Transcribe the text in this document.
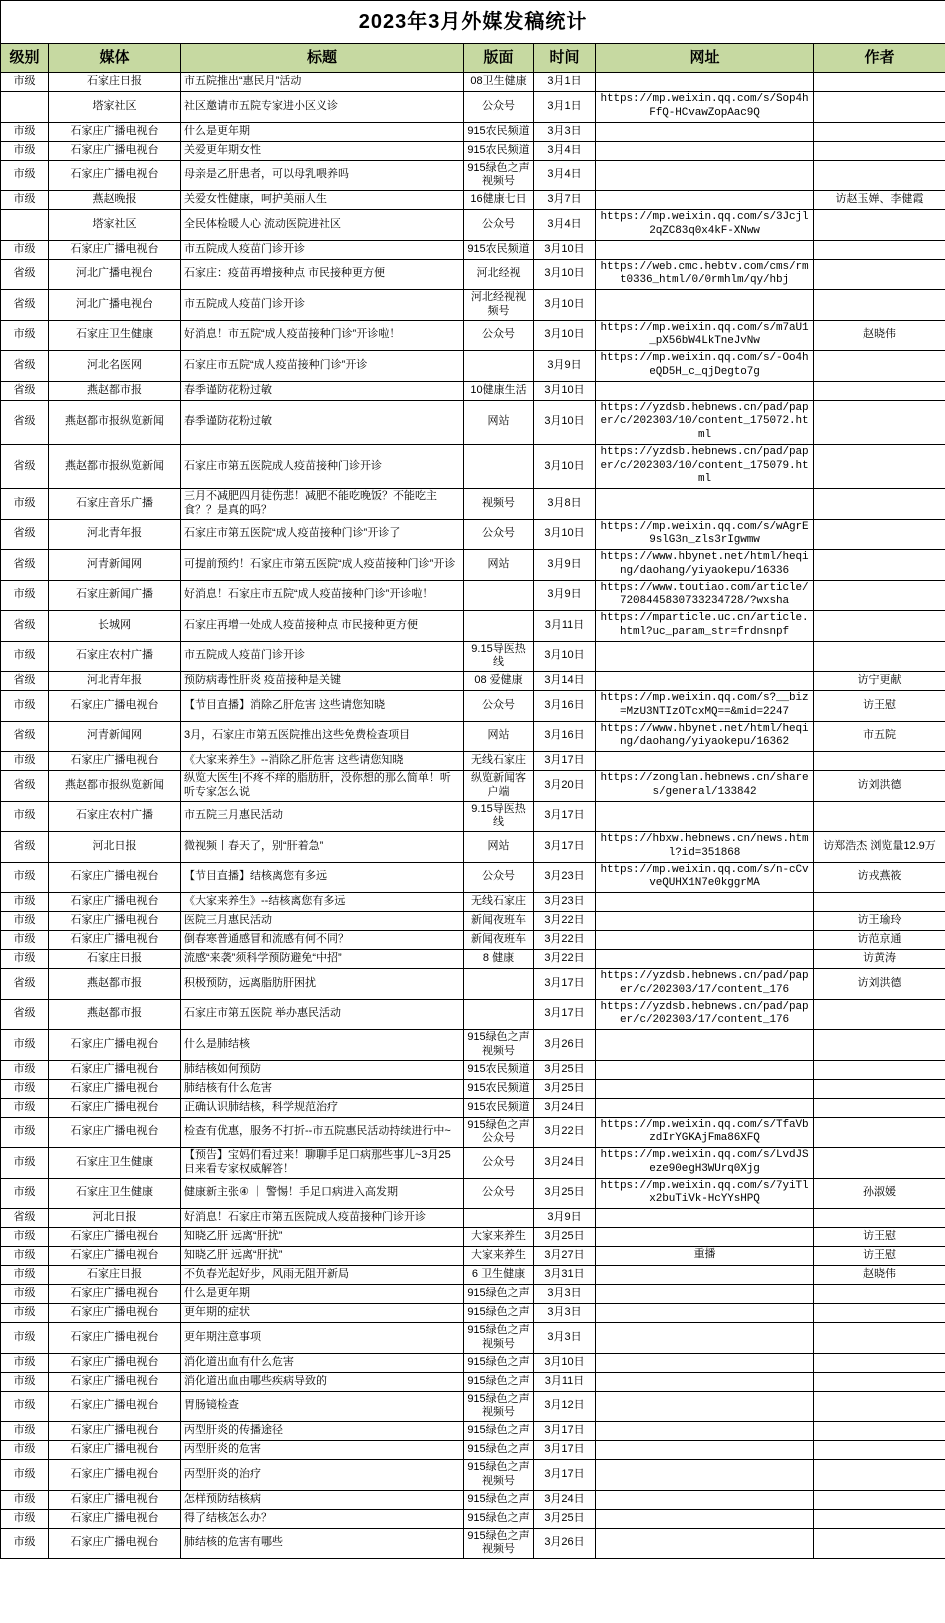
2023年3月外媒发稿统计						
级别	媒体	标题	版面	时间	网址	作者
市级	石家庄日报	市五院推出“惠民月”活动	08卫生健康	3月1日		
	塔家社区	社区邀请市五院专家进小区义诊	公众号	3月1日	https://mp.weixin.qq.com/s/Sop4hFfQ-HCvawZopAac9Q	
市级	石家庄广播电视台	什么是更年期	915农民频道	3月3日		
市级	石家庄广播电视台	关爱更年期女性	915农民频道	3月4日		
市级	石家庄广播电视台	母亲是乙肝患者，可以母乳喂养吗	915绿色之声视频号	3月4日		
市级	燕赵晚报	关爱女性健康，呵护美丽人生	16健康七日	3月7日		访赵玉婵、李健霞
	塔家社区	全民体检暖人心 流动医院进社区	公众号	3月4日	https://mp.weixin.qq.com/s/3Jcjl2qZC83q0x4kF-XNww	
市级	石家庄广播电视台	市五院成人疫苗门诊开诊	915农民频道	3月10日		
省级	河北广播电视台	石家庄：疫苗再增接种点 市民接种更方便	河北经视	3月10日	https://web.cmc.hebtv.com/cms/rmt0336_html/0/0rmhlm/qy/hbj	
省级	河北广播电视台	市五院成人疫苗门诊开诊	河北经视视频号	3月10日		
市级	石家庄卫生健康	好消息！市五院“成人疫苗接种门诊”开诊啦！	公众号	3月10日	https://mp.weixin.qq.com/s/m7aU1_pX56bW4LkTneJvNw	赵晓伟
省级	河北名医网	石家庄市五院“成人疫苗接种门诊”开诊		3月9日	https://mp.weixin.qq.com/s/-Oo4heQD5H_c_qjDegto7g	
省级	燕赵都市报	春季谨防花粉过敏	10健康生活	3月10日		
省级	燕赵都市报纵览新闻	春季谨防花粉过敏	网站	3月10日	https://yzdsb.hebnews.cn/pad/paper/c/202303/10/content_175072.html	
省级	燕赵都市报纵览新闻	石家庄市第五医院成人疫苗接种门诊开诊		3月10日	https://yzdsb.hebnews.cn/pad/paper/c/202303/10/content_175079.html	
市级	石家庄音乐广播	三月不减肥四月徒伤悲！减肥不能吃晚饭？不能吃主食？？是真的吗？	视频号	3月8日		
省级	河北青年报	石家庄市第五医院“成人疫苗接种门诊”开诊了	公众号	3月10日	https://mp.weixin.qq.com/s/wAgrE9slG3n_zls3rIgwmw	
省级	河青新闻网	可提前预约！石家庄市第五医院“成人疫苗接种门诊”开诊	网站	3月9日	https://www.hbynet.net/html/heqing/daohang/yiyaokepu/16336	
市级	石家庄新闻广播	好消息！石家庄市五院“成人疫苗接种门诊”开诊啦！		3月9日	https://www.toutiao.com/article/7208445830733234728/?wxsha	
省级	长城网	石家庄再增一处成人疫苗接种点 市民接种更方便		3月11日	https://mparticle.uc.cn/article.html?uc_param_str=frdnsnpf	
市级	石家庄农村广播	市五院成人疫苗门诊开诊	9.15导医热线	3月10日		
省级	河北青年报	预防病毒性肝炎 疫苗接种是关键	08 爱健康	3月14日		访宁更献
市级	石家庄广播电视台	【节目直播】消除乙肝危害 这些请您知晓	公众号	3月16日	https://mp.weixin.qq.com/s?__biz=MzU3NTIzOTcxMQ==&mid=2247	访王慰
省级	河青新闻网	3月，石家庄市第五医院推出这些免费检查项目	网站	3月16日	https://www.hbynet.net/html/heqing/daohang/yiyaokepu/16362	市五院
市级	石家庄广播电视台	《大家来养生》--消除乙肝危害 这些请您知晓	无线石家庄	3月17日		
省级	燕赵都市报纵览新闻	纵览大医生|不疼不痒的脂肪肝，没你想的那么简单！听听专家怎么说	纵览新闻客户端	3月20日	https://zonglan.hebnews.cn/shares/general/133842	访刘洪德
市级	石家庄农村广播	市五院三月惠民活动	9.15导医热线	3月17日		
省级	河北日报	微视频丨春天了，别“肝着急”	网站	3月17日	https://hbxw.hebnews.cn/news.html?id=351868	访郑浩杰 浏览量12.9万
市级	石家庄广播电视台	【节目直播】结核离您有多远	公众号	3月23日	https://mp.weixin.qq.com/s/n-cCvveQUHX1N7e0kggrMA	访戎燕筱
市级	石家庄广播电视台	《大家来养生》--结核离您有多远	无线石家庄	3月23日		
市级	石家庄广播电视台	医院三月惠民活动	新闻夜班车	3月22日		访王瑜玲
市级	石家庄广播电视台	倒春寒普通感冒和流感有何不同？	新闻夜班车	3月22日		访范京通
市级	石家庄日报	流感“来袭”须科学预防避免“中招”	8 健康	3月22日		访黄涛
省级	燕赵都市报	积极预防，远离脂肪肝困扰		3月17日	https://yzdsb.hebnews.cn/pad/paper/c/202303/17/content_176	访刘洪德
省级	燕赵都市报	石家庄市第五医院 举办惠民活动		3月17日	https://yzdsb.hebnews.cn/pad/paper/c/202303/17/content_176	
市级	石家庄广播电视台	什么是肺结核	915绿色之声视频号	3月26日		
市级	石家庄广播电视台	肺结核如何预防	915农民频道	3月25日		
市级	石家庄广播电视台	肺结核有什么危害	915农民频道	3月25日		
市级	石家庄广播电视台	正确认识肺结核，科学规范治疗	915农民频道	3月24日		
市级	石家庄广播电视台	检查有优惠，服务不打折--市五院惠民活动持续进行中~	915绿色之声公众号	3月22日	https://mp.weixin.qq.com/s/TfaVbzdIrYGKAjFma86XFQ	
市级	石家庄卫生健康	【预告】宝妈们看过来！聊聊手足口病那些事儿~3月25日来看专家权威解答！	公众号	3月24日	https://mp.weixin.qq.com/s/LvdJSeze90egH3WUrq0Xjg	
市级	石家庄卫生健康	健康新主张④ ｜ 警惕！手足口病进入高发期	公众号	3月25日	https://mp.weixin.qq.com/s/7yiTlx2buTiVk-HcYYsHPQ	孙淑媛
省级	河北日报	好消息！石家庄市第五医院成人疫苗接种门诊开诊		3月9日		
市级	石家庄广播电视台	知晓乙肝 远离“肝扰”	大家来养生	3月25日		访王慰
市级	石家庄广播电视台	知晓乙肝 远离“肝扰”	大家来养生	3月27日	重播	访王慰
市级	石家庄日报	不负春光起好步，风雨无阻开新局	6 卫生健康	3月31日		赵晓伟
市级	石家庄广播电视台	什么是更年期	915绿色之声	3月3日		
市级	石家庄广播电视台	更年期的症状	915绿色之声	3月3日		
市级	石家庄广播电视台	更年期注意事项	915绿色之声视频号	3月3日		
市级	石家庄广播电视台	消化道出血有什么危害	915绿色之声	3月10日		
市级	石家庄广播电视台	消化道出血由哪些疾病导致的	915绿色之声	3月11日		
市级	石家庄广播电视台	胃肠镜检查	915绿色之声视频号	3月12日		
市级	石家庄广播电视台	丙型肝炎的传播途径	915绿色之声	3月17日		
市级	石家庄广播电视台	丙型肝炎的危害	915绿色之声	3月17日		
市级	石家庄广播电视台	丙型肝炎的治疗	915绿色之声视频号	3月17日		
市级	石家庄广播电视台	怎样预防结核病	915绿色之声	3月24日		
市级	石家庄广播电视台	得了结核怎么办？	915绿色之声	3月25日		
市级	石家庄广播电视台	肺结核的危害有哪些	915绿色之声视频号	3月26日		
